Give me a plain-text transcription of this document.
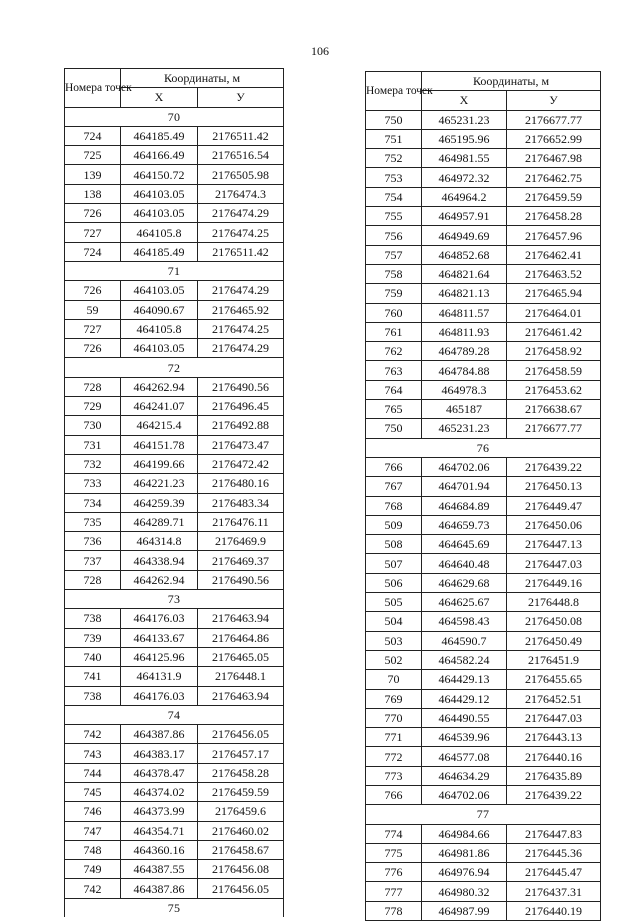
106
Номера точек	Координаты, м	
	X	У
70		
724	464185.49	2176511.42
725	464166.49	2176516.54
139	464150.72	2176505.98
138	464103.05	2176474.3
726	464103.05	2176474.29
727	464105.8	2176474.25
724	464185.49	2176511.42
71		
726	464103.05	2176474.29
59	464090.67	2176465.92
727	464105.8	2176474.25
726	464103.05	2176474.29
72		
728	464262.94	2176490.56
729	464241.07	2176496.45
730	464215.4	2176492.88
731	464151.78	2176473.47
732	464199.66	2176472.42
733	464221.23	2176480.16
734	464259.39	2176483.34
735	464289.71	2176476.11
736	464314.8	2176469.9
737	464338.94	2176469.37
728	464262.94	2176490.56
73		
738	464176.03	2176463.94
739	464133.67	2176464.86
740	464125.96	2176465.05
741	464131.9	2176448.1
738	464176.03	2176463.94
74		
742	464387.86	2176456.05
743	464383.17	2176457.17
744	464378.47	2176458.28
745	464374.02	2176459.59
746	464373.99	2176459.6
747	464354.71	2176460.02
748	464360.16	2176458.67
749	464387.55	2176456.08
742	464387.86	2176456.05
75		
Номера точек	Координаты, м	
	X	У
750	465231.23	2176677.77
751	465195.96	2176652.99
752	464981.55	2176467.98
753	464972.32	2176462.75
754	464964.2	2176459.59
755	464957.91	2176458.28
756	464949.69	2176457.96
757	464852.68	2176462.41
758	464821.64	2176463.52
759	464821.13	2176465.94
760	464811.57	2176464.01
761	464811.93	2176461.42
762	464789.28	2176458.92
763	464784.88	2176458.59
764	464978.3	2176453.62
765	465187	2176638.67
750	465231.23	2176677.77
76		
766	464702.06	2176439.22
767	464701.94	2176450.13
768	464684.89	2176449.47
509	464659.73	2176450.06
508	464645.69	2176447.13
507	464640.48	2176447.03
506	464629.68	2176449.16
505	464625.67	2176448.8
504	464598.43	2176450.08
503	464590.7	2176450.49
502	464582.24	2176451.9
70	464429.13	2176455.65
769	464429.12	2176452.51
770	464490.55	2176447.03
771	464539.96	2176443.13
772	464577.08	2176440.16
773	464634.29	2176435.89
766	464702.06	2176439.22
77		
774	464984.66	2176447.83
775	464981.86	2176445.36
776	464976.94	2176445.47
777	464980.32	2176437.31
778	464987.99	2176440.19
